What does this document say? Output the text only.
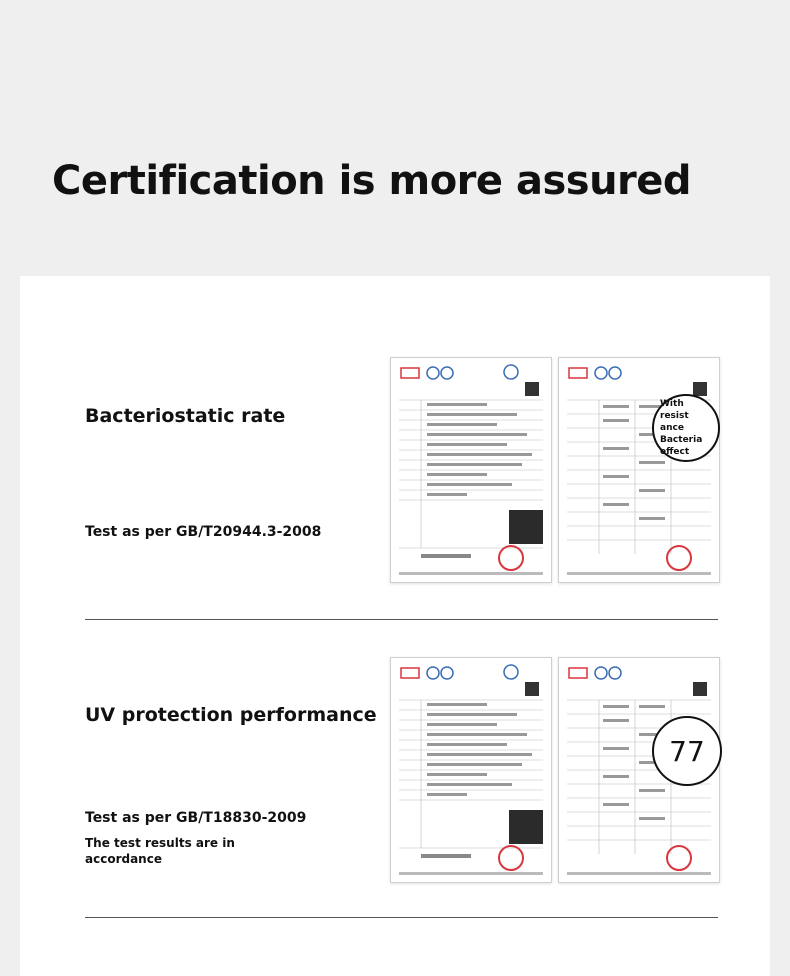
Certification is more assured

Bacteriostatic rate

Test as per GB/T20944.3-2008

With
resist ance
Bacteria
effect

UV protection performance

Test as per GB/T18830-2009

The test results are in accordance

77
